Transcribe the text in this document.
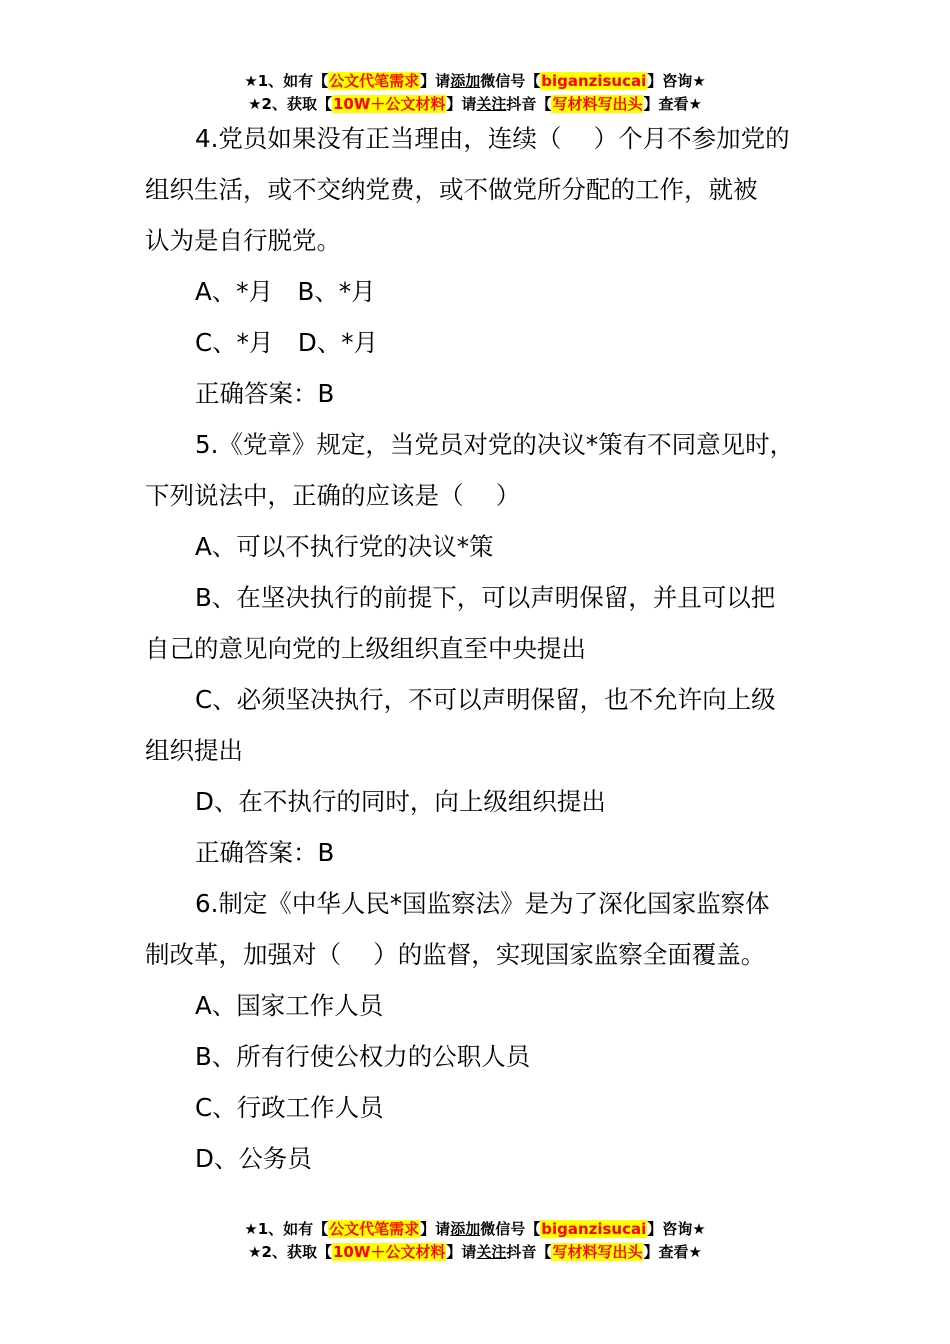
★1、如有【公文代笔需求】请添加微信号【biganzisucai】咨询★
★2、获取【10W＋公文材料】请关注抖音【写材料写出头】查看★
4.党员如果没有正当理由，连续（　 ）个月不参加党的
组织生活，或不交纳党费，或不做党所分配的工作，就被
认为是自行脱党。
A、*月　B、*月
C、*月　D、*月
正确答案：B
5.《党章》规定，当党员对党的决议*策有不同意见时，
下列说法中，正确的应该是（　 ）
A、可以不执行党的决议*策
B、在坚决执行的前提下，可以声明保留，并且可以把
自己的意见向党的上级组织直至中央提出
C、必须坚决执行，不可以声明保留，也不允许向上级
组织提出
D、在不执行的同时，向上级组织提出
正确答案：B
6.制定《中华人民*国监察法》是为了深化国家监察体
制改革，加强对（　 ）的监督，实现国家监察全面覆盖。
A、国家工作人员
B、所有行使公权力的公职人员
C、行政工作人员
D、公务员
★1、如有【公文代笔需求】请添加微信号【biganzisucai】咨询★
★2、获取【10W＋公文材料】请关注抖音【写材料写出头】查看★
